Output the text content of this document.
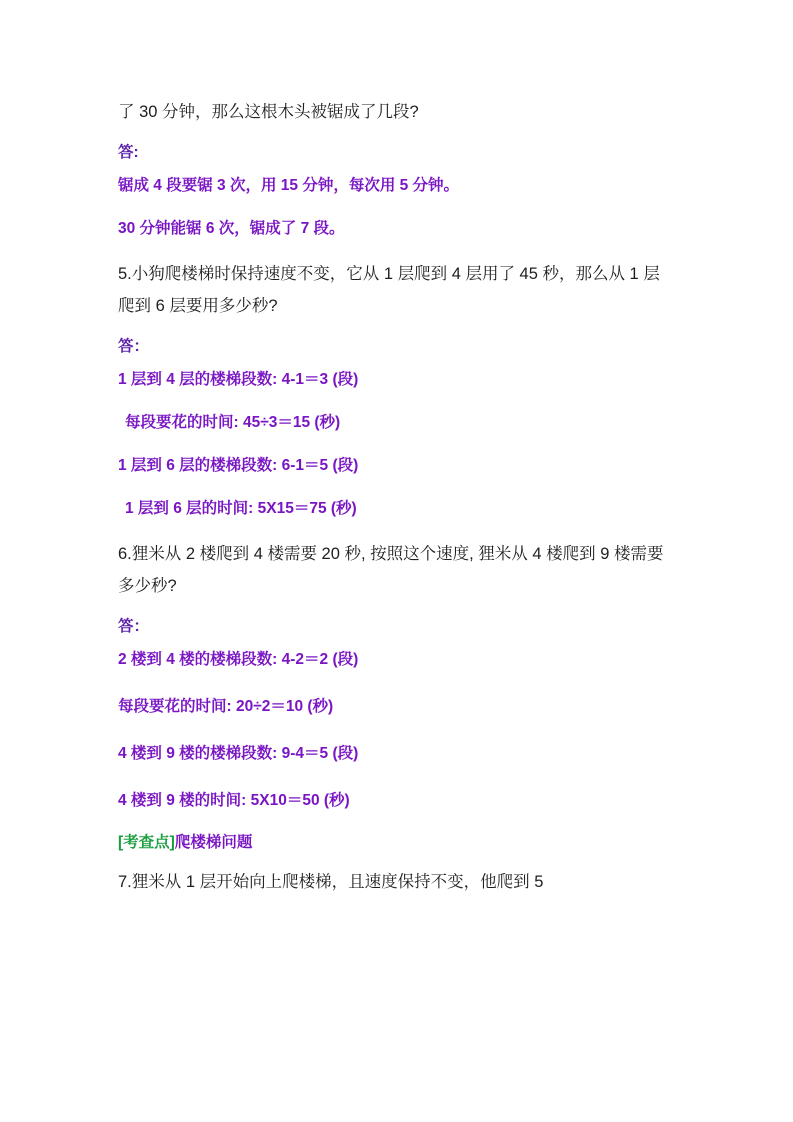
了 30 分钟，那么这根木头被锯成了几段?

答:

锯成 4 段要锯 3 次，用 15 分钟，每次用 5 分钟。

30 分钟能锯 6 次，锯成了 7 段。

5.小狗爬楼梯时保持速度不变，它从 1 层爬到 4 层用了 45 秒，那么从 1 层爬到 6 层要用多少秒?

答：

1 层到 4 层的楼梯段数: 4-1＝3 (段)

每段要花的时间: 45÷3＝15 (秒)

1 层到 6 层的楼梯段数: 6-1＝5 (段)

1 层到 6 层的时间: 5X15＝75 (秒)

6.狸米从 2 楼爬到 4 楼需要 20 秒, 按照这个速度, 狸米从 4 楼爬到 9 楼需要多少秒?

答：

2 楼到 4 楼的楼梯段数: 4-2＝2 (段)

每段要花的时间: 20÷2＝10 (秒)

4 楼到 9 楼的楼梯段数: 9-4＝5 (段)

4 楼到 9 楼的时间: 5X10＝50 (秒)

[考查点]爬楼梯问题

7.狸米从 1 层开始向上爬楼梯，且速度保持不变，他爬到 5
